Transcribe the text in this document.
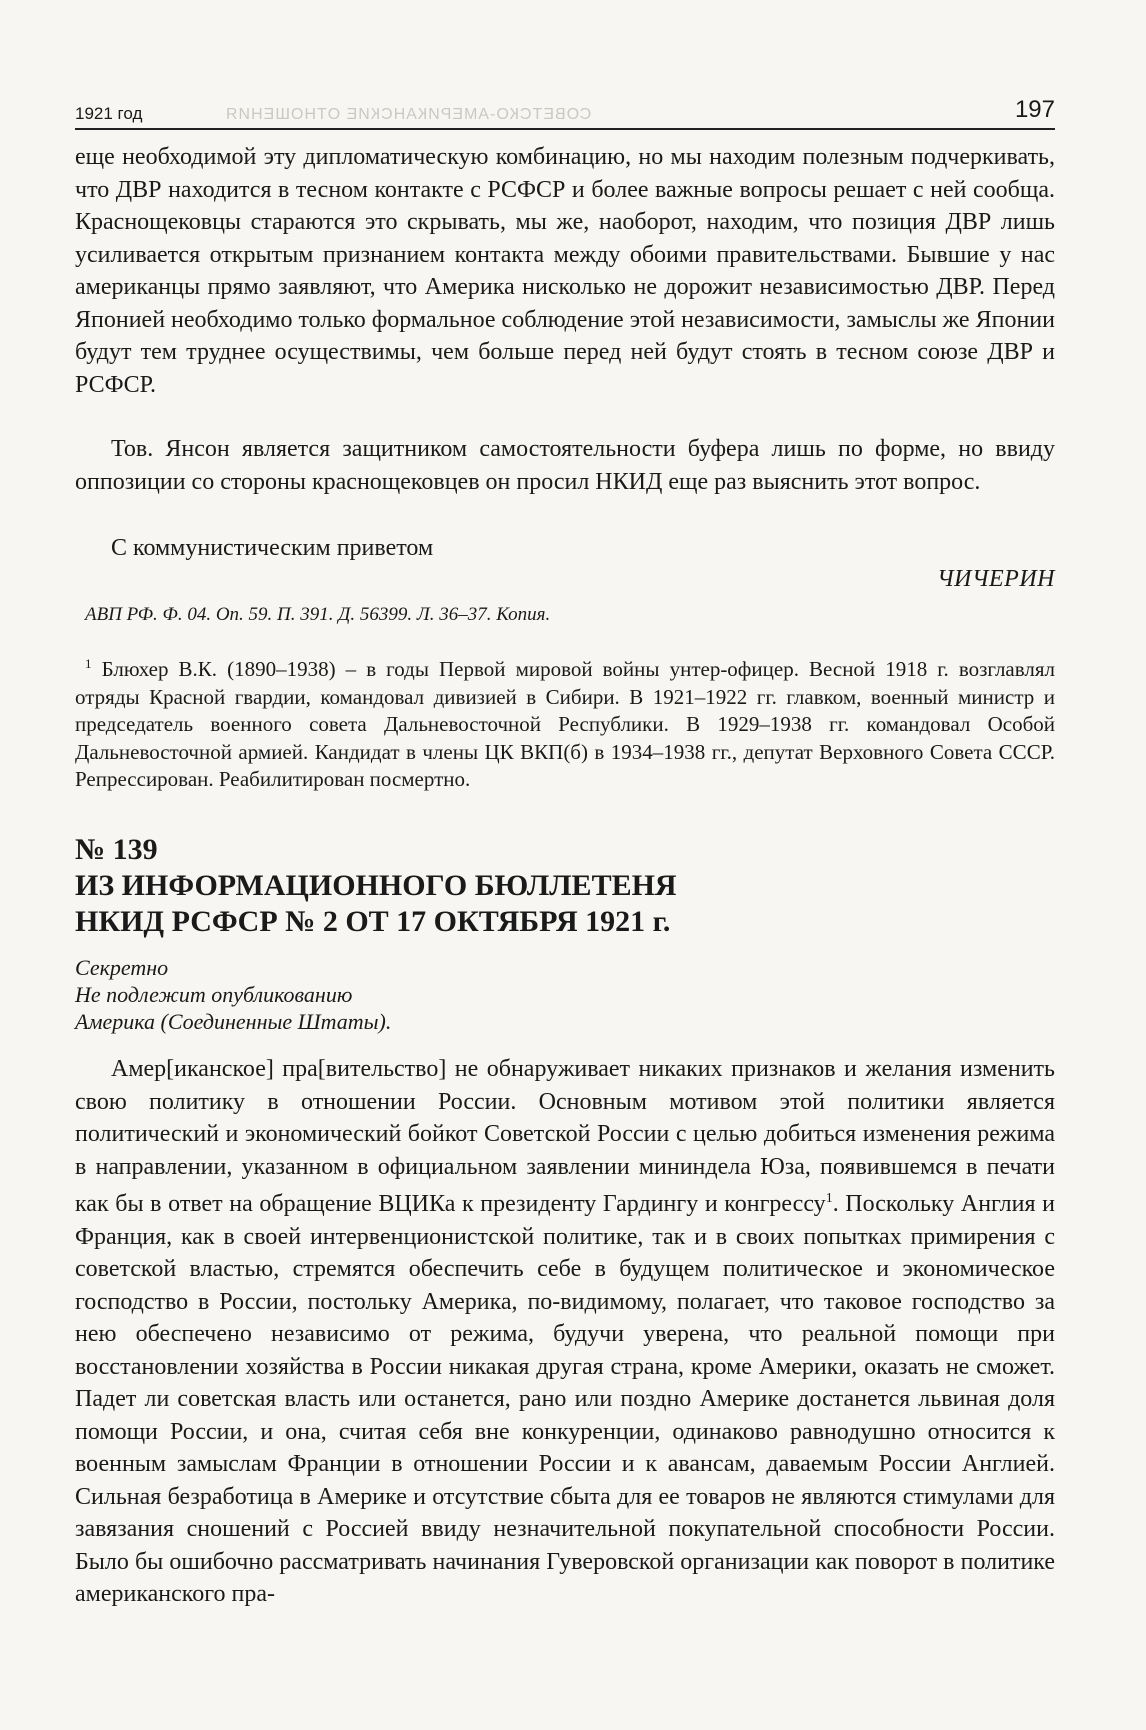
1921 год	СОВЕТСКО-АМЕРИКАНСКИЕ ОТНОШЕНИЯ	197

еще необходимой эту дипломатическую комбинацию, но мы находим полезным подчеркивать, что ДВР находится в тесном контакте с РСФСР и более важные вопросы решает с ней сообща. Краснощековцы стараются это скрывать, мы же, наоборот, находим, что позиция ДВР лишь усиливается открытым признанием контакта между обоими правительствами. Бывшие у нас американцы прямо заявляют, что Америка нисколько не дорожит независимостью ДВР. Перед Японией необходимо только формальное соблюдение этой независимости, замыслы же Японии будут тем труднее осуществимы, чем больше перед ней будут стоять в тесном союзе ДВР и РСФСР.

Тов. Янсон является защитником самостоятельности буфера лишь по форме, но ввиду оппозиции со стороны краснощековцев он просил НКИД еще раз выяснить этот вопрос.

С коммунистическим приветом

ЧИЧЕРИН

АВП РФ. Ф. 04. Оп. 59. П. 391. Д. 56399. Л. 36–37. Копия.

$^1$ Блюхер В.К. (1890–1938) – в годы Первой мировой войны унтер-офицер. Весной 1918 г. возглавлял отряды Красной гвардии, командовал дивизией в Сибири. В 1921–1922 гг. главком, военный министр и председатель военного совета Дальневосточной Республики. В 1929–1938 гг. командовал Особой Дальневосточной армией. Кандидат в члены ЦК ВКП(б) в 1934–1938 гг., депутат Верховного Совета СССР. Репрессирован. Реабилитирован посмертно.

№ 139
ИЗ ИНФОРМАЦИОННОГО БЮЛЛЕТЕНЯ
НКИД РСФСР № 2 ОТ 17 ОКТЯБРЯ 1921 г.
Секретно
Не подлежит опубликованию
Америка (Соединенные Штаты).

Амер[иканское] пра[вительство] не обнаруживает никаких признаков и желания изменить свою политику в отношении России. Основным мотивом этой политики является политический и экономический бойкот Советской России с целью добиться изменения режима в направлении, указанном в официальном заявлении мининдела Юза, появившемся в печати как бы в ответ на обращение ВЦИКа к президенту Гардингу и конгрессу$^1$. Поскольку Англия и Франция, как в своей интервенционистской политике, так и в своих попытках примирения с советской властью, стремятся обеспечить себе в будущем политическое и экономическое господство в России, постольку Америка, по-видимому, полагает, что таковое господство за нею обеспечено независимо от режима, будучи уверена, что реальной помощи при восстановлении хозяйства в России никакая другая страна, кроме Америки, оказать не сможет. Падет ли советская власть или останется, рано или поздно Америке достанется львиная доля помощи России, и она, считая себя вне конкуренции, одинаково равнодушно относится к военным замыслам Франции в отношении России и к авансам, даваемым России Англией. Сильная безработица в Америке и отсутствие сбыта для ее товаров не являются стимулами для завязания сношений с Россией ввиду незначительной покупательной способности России. Было бы ошибочно рассматривать начинания Гуверовской организации как поворот в политике американского пра-
